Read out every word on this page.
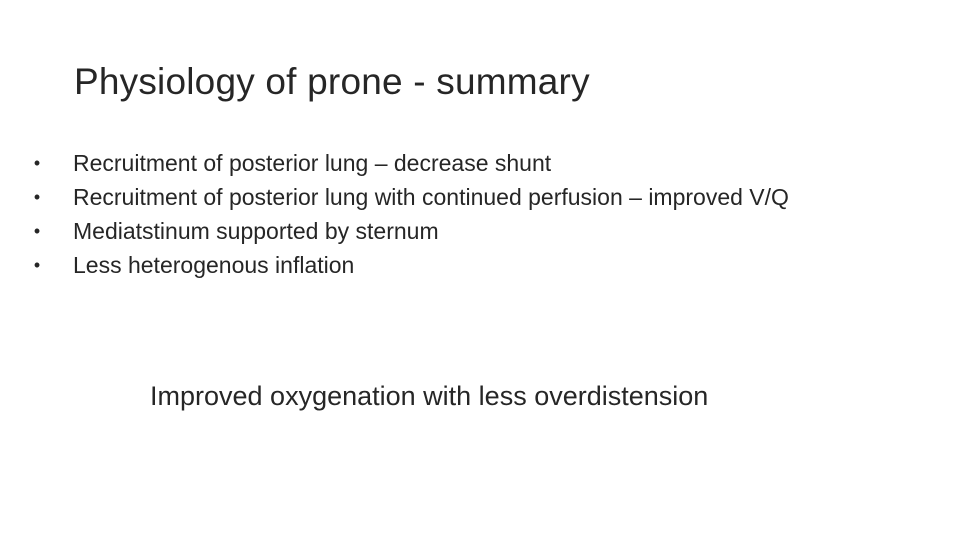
Physiology of prone - summary
• Recruitment of posterior lung – decrease shunt
• Recruitment of posterior lung with continued perfusion – improved V/Q
• Mediatstinum supported by sternum
• Less heterogenous inflation
Improved oxygenation with less overdistension
